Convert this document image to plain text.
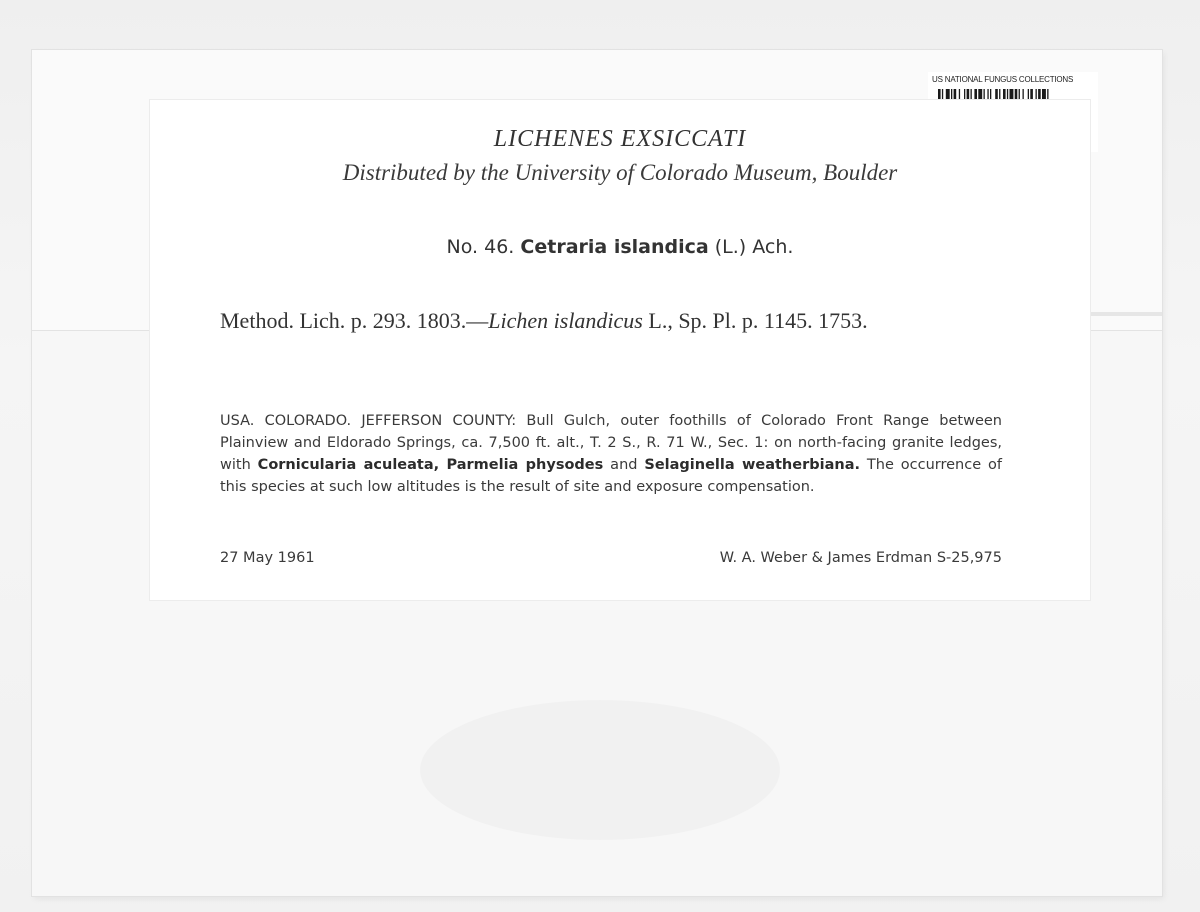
US NATIONAL FUNGUS COLLECTIONS
LICHENES EXSICCATI
Distributed by the University of Colorado Museum, Boulder
No. 46. Cetraria islandica (L.) Ach.
Method. Lich. p. 293. 1803.—Lichen islandicus L., Sp. Pl. p. 1145. 1753.
USA. COLORADO. JEFFERSON COUNTY: Bull Gulch, outer foothills of Colorado Front Range between Plainview and Eldorado Springs, ca. 7,500 ft. alt., T. 2 S., R. 71 W., Sec. 1: on north-facing granite ledges, with Cornicularia aculeata, Parmelia physodes and Selaginella weatherbiana. The occurrence of this species at such low altitudes is the result of site and exposure compensation.
27 May 1961	W. A. Weber & James Erdman S-25,975
